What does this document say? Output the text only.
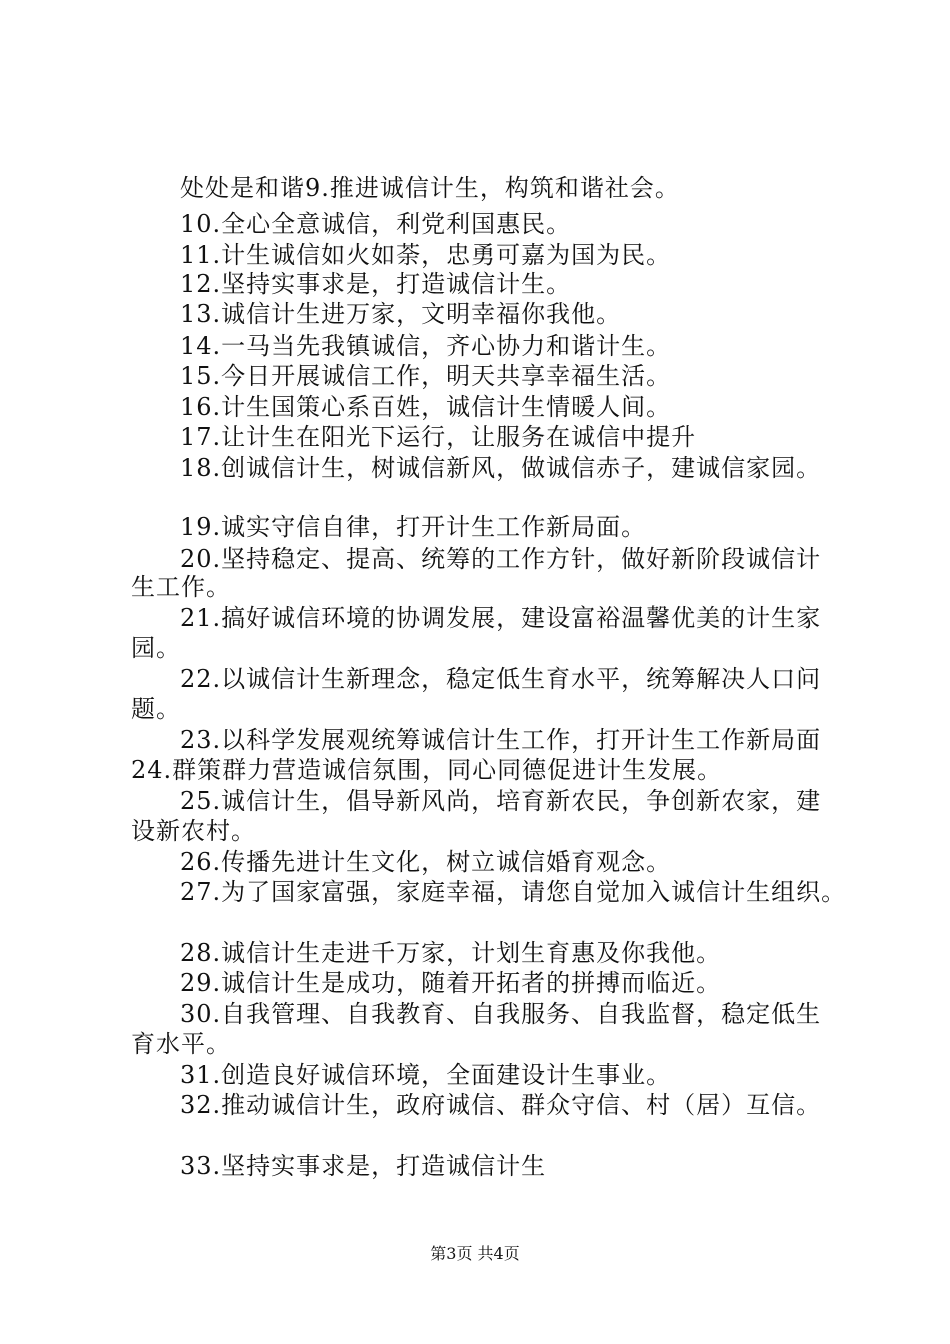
处处是和谐9.推进诚信计生，构筑和谐社会。
10.全心全意诚信，利党利国惠民。
11.计生诚信如火如荼，忠勇可嘉为国为民。
12.坚持实事求是，打造诚信计生。
13.诚信计生进万家，文明幸福你我他。
14.一马当先我镇诚信，齐心协力和谐计生。
15.今日开展诚信工作，明天共享幸福生活。
16.计生国策心系百姓，诚信计生情暖人间。
17.让计生在阳光下运行，让服务在诚信中提升
18.创诚信计生，树诚信新风，做诚信赤子，建诚信家园。
19.诚实守信自律，打开计生工作新局面。
20.坚持稳定、提高、统筹的工作方针，做好新阶段诚信计
生工作。
21.搞好诚信环境的协调发展，建设富裕温馨优美的计生家
园。
22.以诚信计生新理念，稳定低生育水平，统筹解决人口问
题。
23.以科学发展观统筹诚信计生工作，打开计生工作新局面
24.群策群力营造诚信氛围，同心同德促进计生发展。
25.诚信计生，倡导新风尚，培育新农民，争创新农家，建
设新农村。
26.传播先进计生文化，树立诚信婚育观念。
27.为了国家富强，家庭幸福，请您自觉加入诚信计生组织。
28.诚信计生走进千万家，计划生育惠及你我他。
29.诚信计生是成功，随着开拓者的拼搏而临近。
30.自我管理、自我教育、自我服务、自我监督，稳定低生
育水平。
31.创造良好诚信环境，全面建设计生事业。
32.推动诚信计生，政府诚信、群众守信、村（居）互信。
33.坚持实事求是，打造诚信计生
第3页 共4页
